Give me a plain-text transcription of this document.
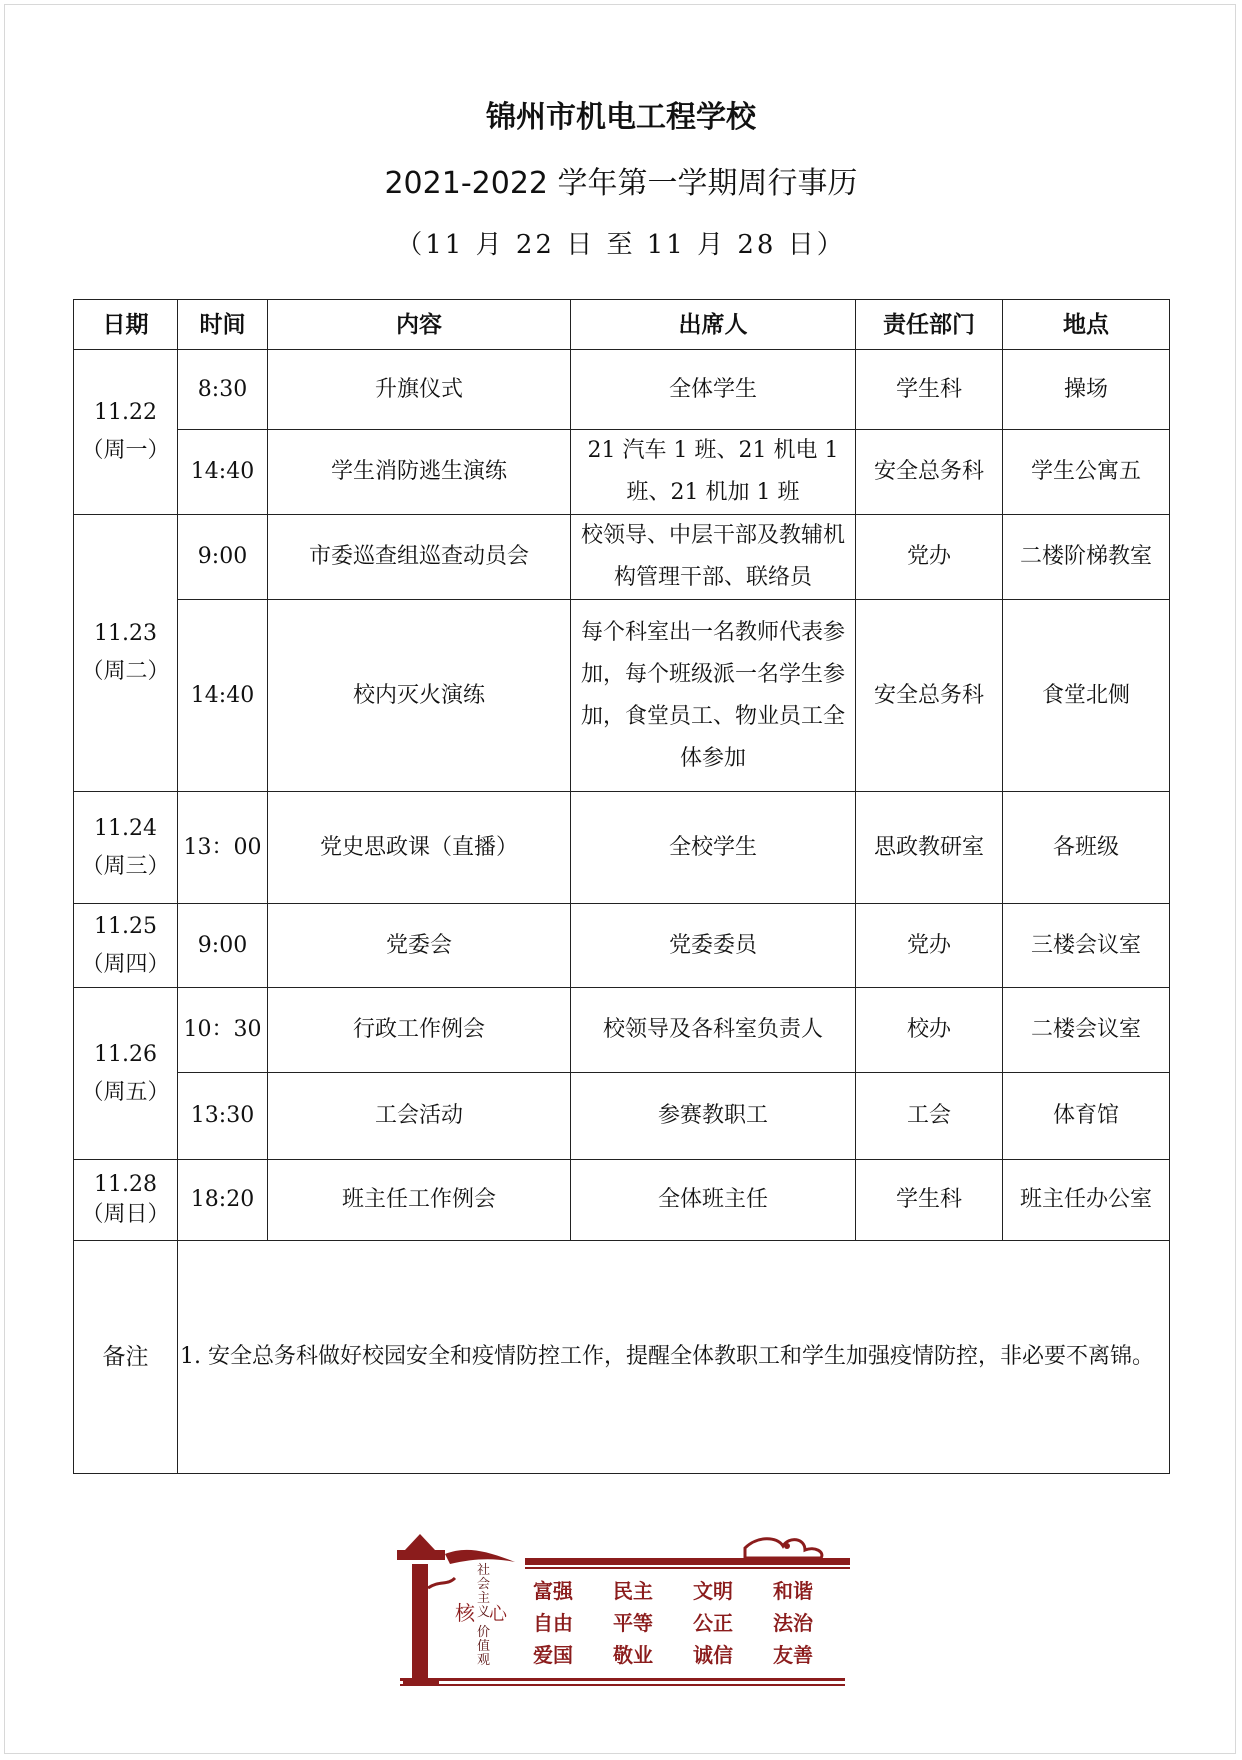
锦州市机电工程学校
2021-2022 学年第一学期周行事历
（11 月 22 日 至 11 月 28 日）
日期	时间	内容	出席人	责任部门	地点

11.22
（周一）	8:30	升旗仪式	全体学生	学生科	操场
	14:40	学生消防逃生演练	21 汽车 1 班、21 机电 1 班、21 机加 1 班	安全总务科	学生公寓五

11.23
（周二）	9:00	市委巡查组巡查动员会	校领导、中层干部及教辅机构管理干部、联络员	党办	二楼阶梯教室
	14:40	校内灭火演练	每个科室出一名教师代表参加，每个班级派一名学生参加，食堂员工、物业员工全体参加	安全总务科	食堂北侧

11.24
（周三）	13：00	党史思政课（直播）	全校学生	思政教研室	各班级

11.25
（周四）	9:00	党委会	党委委员	党办	三楼会议室

11.26
（周五）	10：30	行政工作例会	校领导及各科室负责人	校办	二楼会议室
	13:30	工会活动	参赛教职工	工会	体育馆

11.28
（周日）	18:20	班主任工作例会	全体班主任	学生科	班主任办公室
备注	1. 安全总务科做好校园安全和疫情防控工作，提醒全体教职工和学生加强疫情防控，非必要不离锦。				
社
会
主
义
核 心
价
值
观
富强 民主 文明 和谐
自由 平等 公正 法治
爱国 敬业 诚信 友善
